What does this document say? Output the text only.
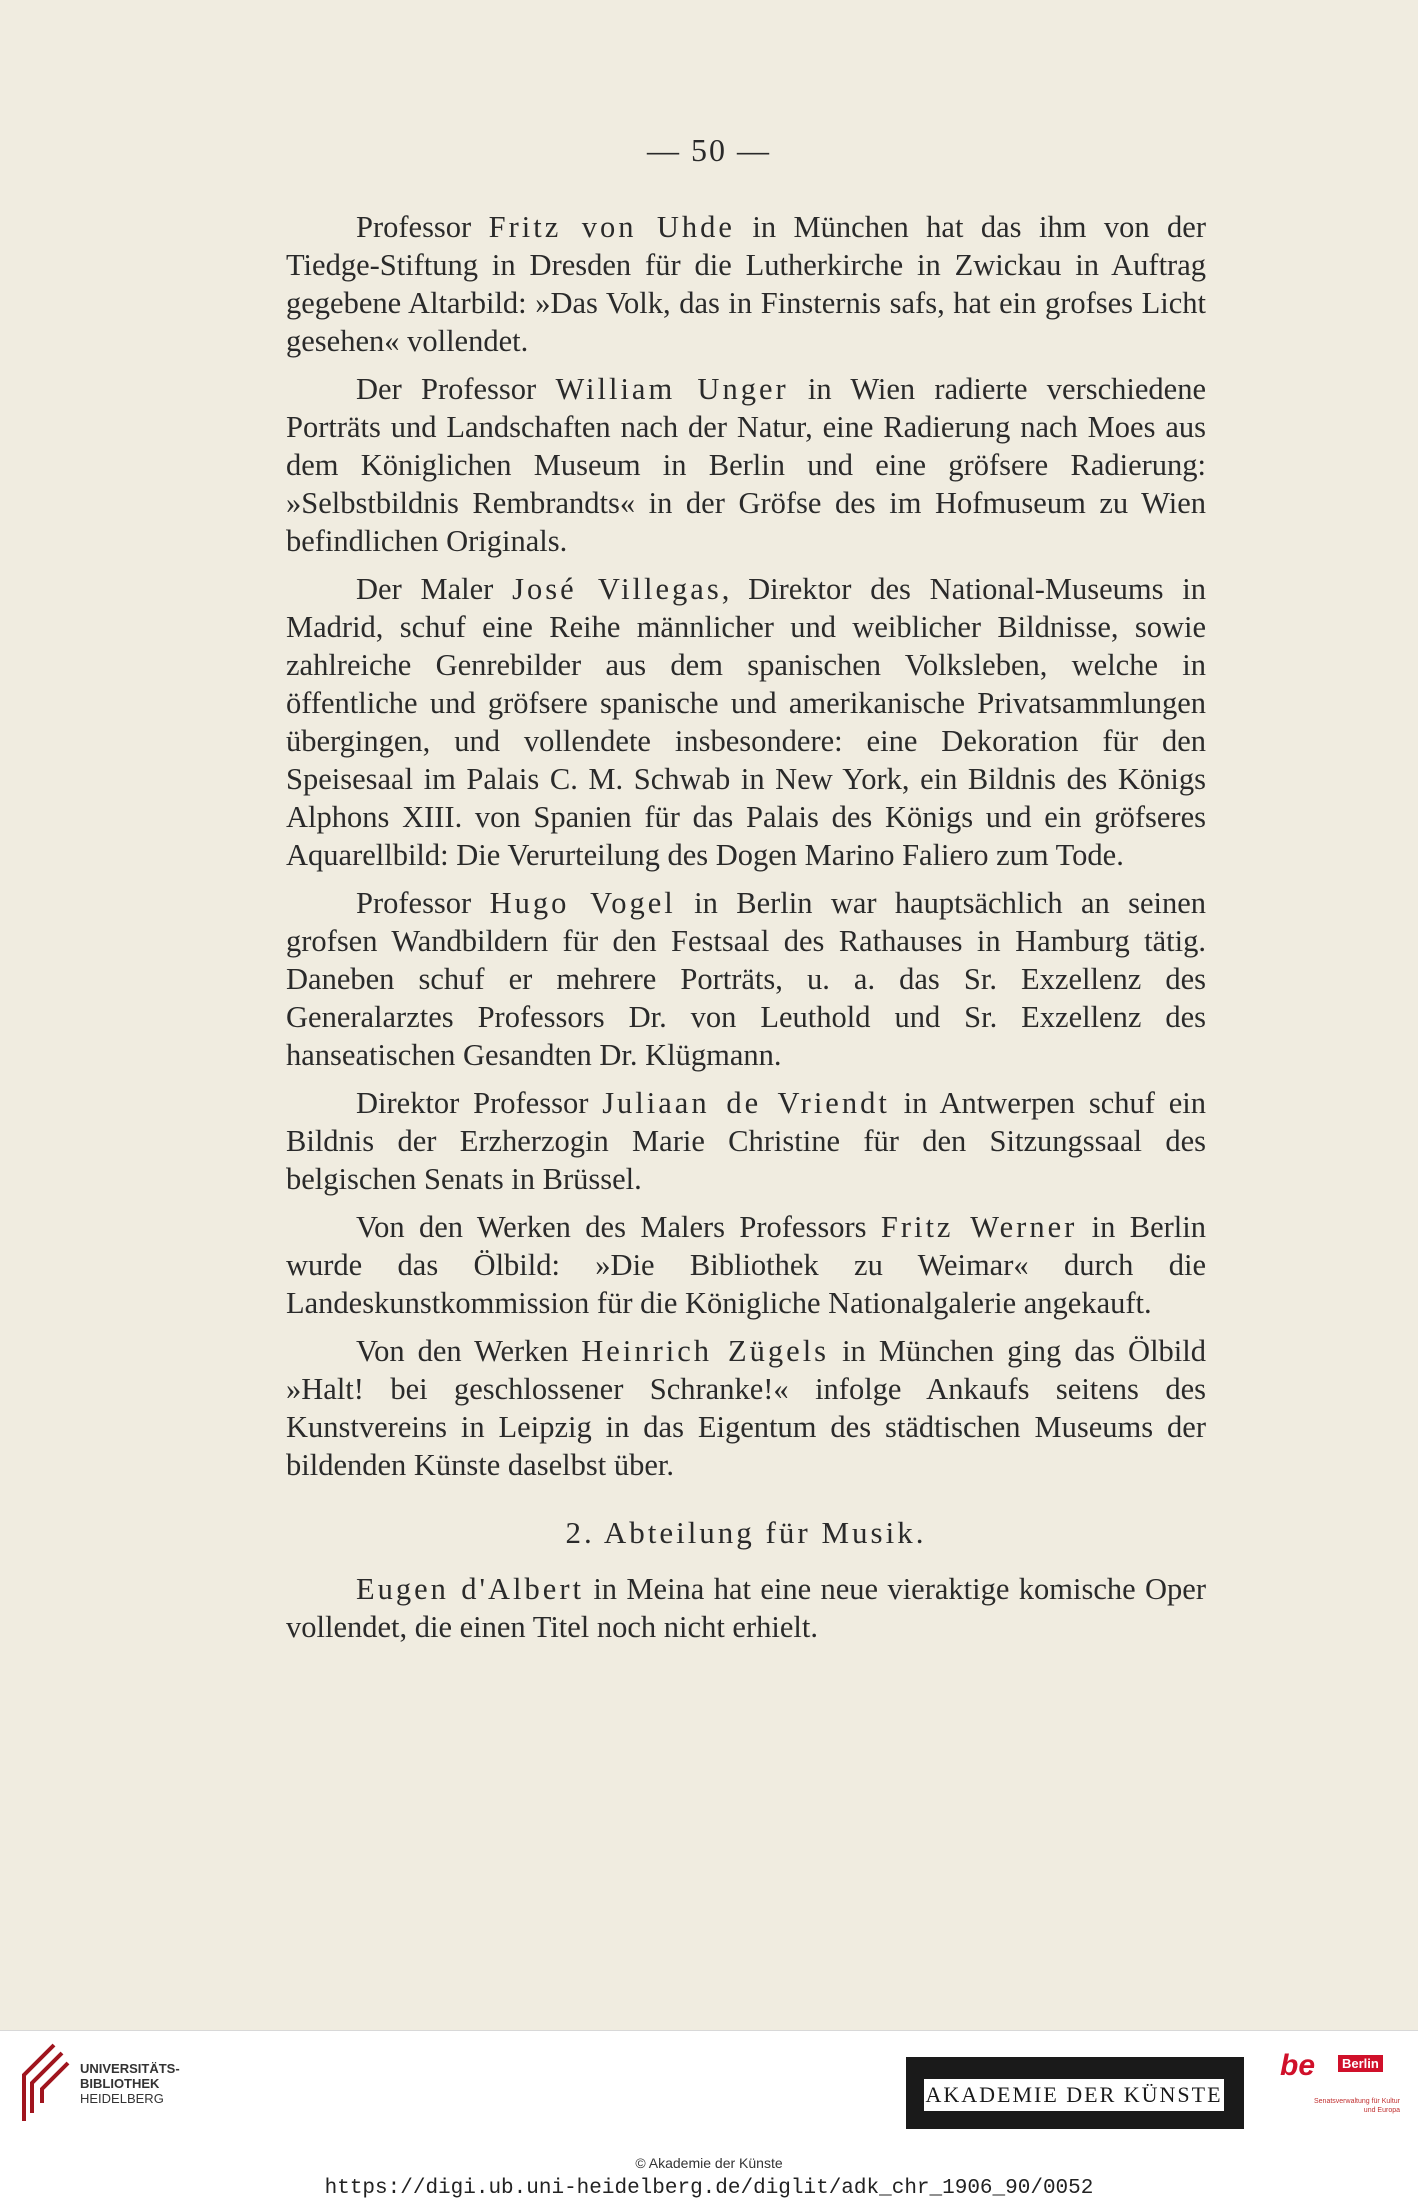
— 50 —

Professor Fritz von Uhde in München hat das ihm von der Tiedge-Stiftung in Dresden für die Lutherkirche in Zwickau in Auftrag gegebene Altarbild: »Das Volk, das in Finsternis safs, hat ein grofses Licht gesehen« vollendet.

Der Professor William Unger in Wien radierte verschiedene Porträts und Landschaften nach der Natur, eine Radierung nach Moes aus dem Königlichen Museum in Berlin und eine gröfsere Radierung: »Selbstbildnis Rembrandts« in der Gröfse des im Hofmuseum zu Wien befindlichen Originals.

Der Maler José Villegas, Direktor des National-Museums in Madrid, schuf eine Reihe männlicher und weiblicher Bildnisse, sowie zahlreiche Genrebilder aus dem spanischen Volksleben, welche in öffentliche und gröfsere spanische und amerikanische Privatsammlungen übergingen, und vollendete insbesondere: eine Dekoration für den Speisesaal im Palais C. M. Schwab in New York, ein Bildnis des Königs Alphons XIII. von Spanien für das Palais des Königs und ein gröfseres Aquarellbild: Die Verurteilung des Dogen Marino Faliero zum Tode.

Professor Hugo Vogel in Berlin war hauptsächlich an seinen grofsen Wandbildern für den Festsaal des Rathauses in Hamburg tätig. Daneben schuf er mehrere Porträts, u. a. das Sr. Exzellenz des Generalarztes Professors Dr. von Leuthold und Sr. Exzellenz des hanseatischen Gesandten Dr. Klügmann.

Direktor Professor Juliaan de Vriendt in Antwerpen schuf ein Bildnis der Erzherzogin Marie Christine für den Sitzungssaal des belgischen Senats in Brüssel.

Von den Werken des Malers Professors Fritz Werner in Berlin wurde das Ölbild: »Die Bibliothek zu Weimar« durch die Landeskunstkommission für die Königliche Nationalgalerie angekauft.

Von den Werken Heinrich Zügels in München ging das Ölbild »Halt! bei geschlossener Schranke!« infolge Ankaufs seitens des Kunstvereins in Leipzig in das Eigentum des städtischen Museums der bildenden Künste daselbst über.

2. Abteilung für Musik.

Eugen d'Albert in Meina hat eine neue vieraktige komische Oper vollendet, die einen Titel noch nicht erhielt.

UNIVERSITÄTS-
BIBLIOTHEK
HEIDELBERG	AKADEMIE DER KÜNSTE
be	Berlin
Senatsverwaltung für Kultur und Europa
© Akademie der Künste
https://digi.ub.uni-heidelberg.de/diglit/adk_chr_1906_90/0052
